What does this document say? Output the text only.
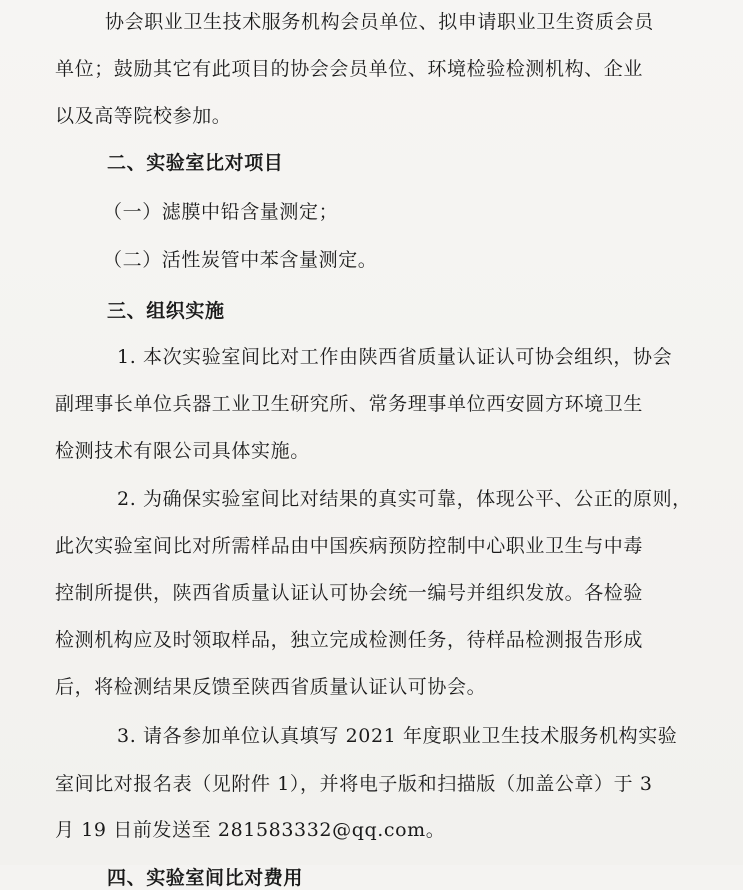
协会职业卫生技术服务机构会员单位、拟申请职业卫生资质会员
单位；鼓励其它有此项目的协会会员单位、环境检验检测机构、企业
以及高等院校参加。
二、实验室比对项目
（一）滤膜中铅含量测定；
（二）活性炭管中苯含量测定。
三、组织实施
1. 本次实验室间比对工作由陕西省质量认证认可协会组织，协会
副理事长单位兵器工业卫生研究所、常务理事单位西安圆方环境卫生
检测技术有限公司具体实施。
2. 为确保实验室间比对结果的真实可靠，体现公平、公正的原则，
此次实验室间比对所需样品由中国疾病预防控制中心职业卫生与中毒
控制所提供，陕西省质量认证认可协会统一编号并组织发放。各检验
检测机构应及时领取样品，独立完成检测任务，待样品检测报告形成
后，将检测结果反馈至陕西省质量认证认可协会。
3. 请各参加单位认真填写 2021 年度职业卫生技术服务机构实验
室间比对报名表（见附件 1），并将电子版和扫描版（加盖公章）于 3
月 19 日前发送至 281583332@qq.com。
四、实验室间比对费用
